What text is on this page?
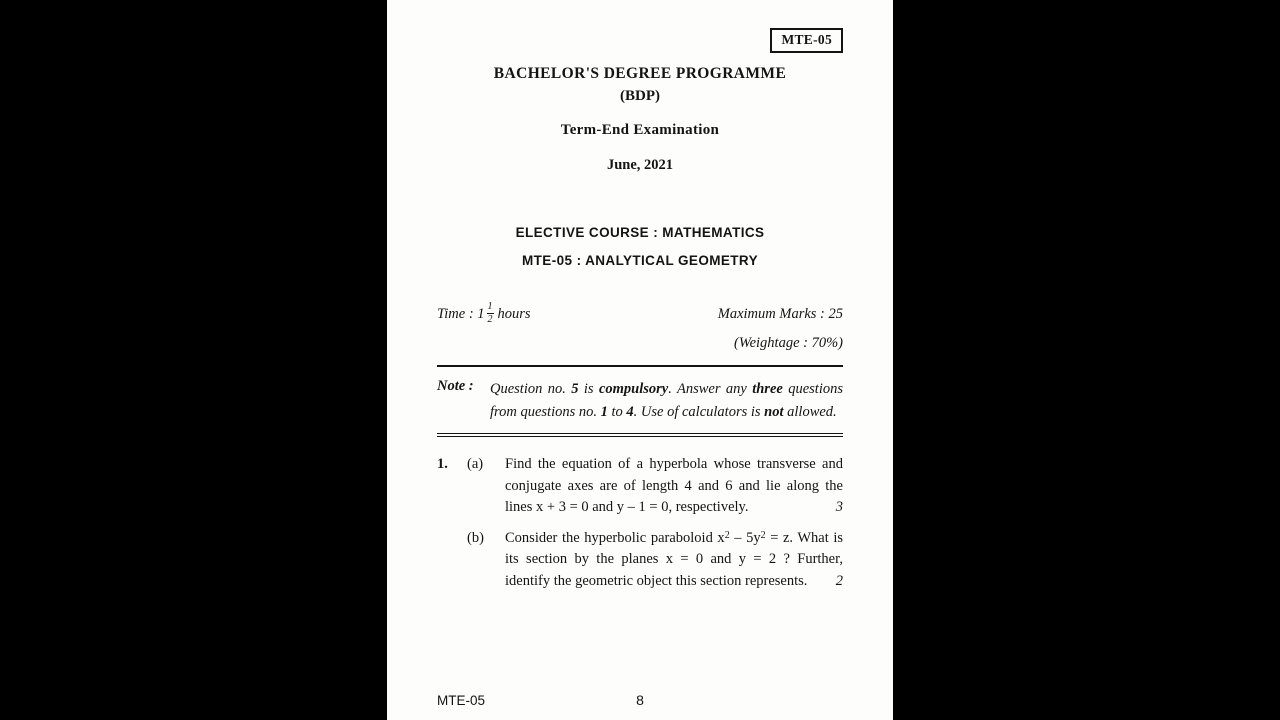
MTE-05
BACHELOR'S DEGREE PROGRAMME
(BDP)
Term-End Examination
June, 2021
ELECTIVE COURSE : MATHEMATICS
MTE-05 : ANALYTICAL GEOMETRY
Time : $1 \frac{1}{2}$ hours	Maximum Marks : 25
(Weightage : 70%)
Note :	Question no. 5 is compulsory. Answer any three questions from questions no. 1 to 4. Use of calculators is not allowed.
1.	(a)	Find the equation of a hyperbola whose transverse and conjugate axes are of length 4 and 6 and lie along the lines x + 3 = 0 and y – 1 = 0, respectively.	3
(b)	Consider the hyperbolic paraboloid $x^2 - 5y^2 = z$. What is its section by the planes x = 0 and y = 2 ? Further, identify the geometric object this section represents. 2
MTE-05	8
